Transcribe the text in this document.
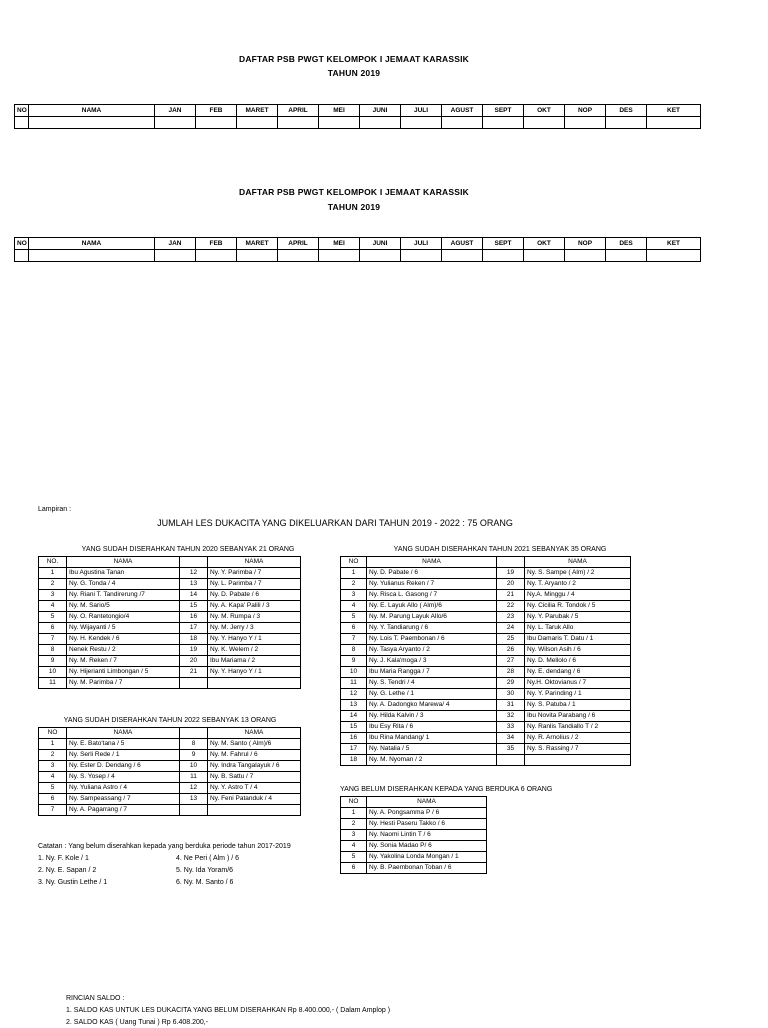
DAFTAR PSB PWGT KELOMPOK I JEMAAT KARASSIK
TAHUN 2019
NO	NAMA	JAN	FEB	MARET	APRIL	MEI	JUNI	JULI	AGUST	SEPT	OKT	NOP	DES	KET

DAFTAR PSB PWGT KELOMPOK I JEMAAT KARASSIK
TAHUN 2019
NO	NAMA	JAN	FEB	MARET	APRIL	MEI	JUNI	JULI	AGUST	SEPT	OKT	NOP	DES	KET

Lampiran :
JUMLAH LES DUKACITA YANG DIKELUARKAN DARI TAHUN 2019 - 2022 : 75 ORANG
YANG SUDAH DISERAHKAN TAHUN 2020 SEBANYAK 21 ORANG
NO.	NAMA		NAMA
1	Ibu Agustina Tanan	12	Ny. Y. Parimba / 7
2	Ny. G. Tonda / 4	13	Ny. L. Parimba / 7
3	Ny. Riani T. Tandirerung /7	14	Ny. D. Pabate / 6
4	Ny. M. Sario/5	15	Ny. A. Kapa' Palili / 3
5	Ny. O. Rantetongio/4	16	Ny. M. Rumpa / 3
6	Ny. Wijayanti / 5	17	Ny. M. Jerry / 3
7	Ny. H. Kendek / 6	18	Ny. Y. Hanyo Y / 1
8	Nenek Restu / 2	19	Ny. K. Welem / 2
9	Ny. M. Reken / 7	20	Ibu Mariama / 2
10	Ny. Hijerianti Limbongan / 5	21	Ny. Y. Hanyo Y / 1
11	Ny. M. Parimba / 7		
YANG SUDAH DISERAHKAN TAHUN 2022 SEBANYAK 13 ORANG
NO	NAMA		NAMA
1	Ny. E. Bato'tana / 5	8	Ny. M. Santo ( Alm)/6
2	Ny. Serli Rede / 1	9	Ny. M. Fahrul / 6
3	Ny. Ester D. Dendang / 6	10	Ny. Indra Tangalayuk / 6
4	Ny. S. Yosep / 4	11	Ny. B. Sattu / 7
5	Ny. Yuliana Astro / 4	12	Ny. Y. Astro T / 4
6	Ny. Sampeassang / 7	13	Ny. Feni Patanduk / 4
7	Ny. A. Pagarrang / 7		
YANG SUDAH DISERAHKAN TAHUN 2021 SEBANYAK 35 ORANG
NO	NAMA		NAMA
1	Ny. D. Pabate / 6	19	Ny. S. Sampe ( Alm) / 2
2	Ny. Yulianus Reken / 7	20	Ny. T. Aryanto / 2
3	Ny. Risca L. Gasong / 7	21	Ny.A. Minggu / 4
4	Ny. E. Layuk Allo ( Alm)/6	22	Ny. Cicilia R. Tondok / 5
5	Ny. M. Parung Layuk Allo/6	23	Ny. Y. Parubak / 5
6	Ny. Y. Tandiarung / 6	24	Ny. L. Taruk Allo
7	Ny. Lois T. Paembonan / 6	25	Ibu Damaris T. Datu / 1
8	Ny. Tasya Aryanto / 2	26	Ny. Wilson Asih / 6
9	Ny. J. Kala'moga / 3	27	Ny. D. Mellolo / 6
10	Ibu Maria Rangga / 7	28	Ny. E. dendang / 6
11	Ny. S. Tendri / 4	29	Ny.H. Oktovianus / 7
12	Ny. G. Lethe / 1	30	Ny. Y. Parinding / 1
13	Ny. A. Dadongko Marewa/ 4	31	Ny. S. Patuba / 1
14	Ny. Hilda Kalvin / 3	32	Ibu Novita Parabang / 6
15	Ibu Esy Rita / 6	33	Ny. Ranlis Tandiallo T / 2
16	Ibu Rina Mandang/ 1	34	Ny. R. Arnolius / 2
17	Ny. Natalia / 5	35	Ny. S. Rassing / 7
18	Ny. M. Nyoman / 2		
YANG BELUM DISERAHKAN KEPADA YANG BERDUKA 6 ORANG
NO	NAMA
1	Ny. A. Pongsamma P / 6
2	Ny. Hesti Paseru Takko / 6
3	Ny. Naomi Lintin T / 6
4	Ny. Sonia Madao P/ 6
5	Ny. Yakolina Londa Mongan / 1
6	Ny. B. Paembonan Toban / 6
Catatan : Yang belum diserahkan kepada yang berduka periode tahun 2017-2019
1. Ny. F. Kole / 1
2. Ny. E. Sapan / 2
3. Ny. Gustin Lethe / 1
4. Ne Peri ( Alm ) / 6
5. Ny. Ida Yoram/6
6. Ny. M. Santo / 6
RINCIAN SALDO :
1. SALDO KAS UNTUK LES DUKACITA YANG BELUM DISERAHKAN Rp 8.400.000,- ( Dalam Amplop )
2. SALDO KAS ( Uang Tunai ) Rp 6.408.200,-
